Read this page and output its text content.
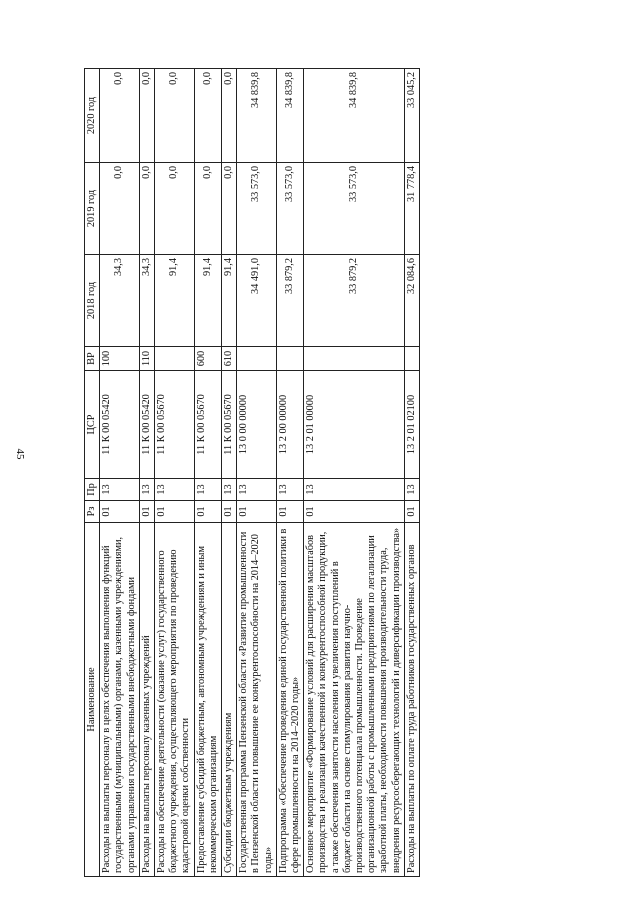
45
Наименование	Рз	Пр	ЦСР	ВР	2018 год	2019 год	2020 год
Расходы на выплаты персоналу в целях обеспечения выполнения функций государственными (муниципальными) органами, казенными учреждениями, органами управления государственными внебюджетными фондами	01	13	11 К 00 05420	100	34,3	0,0	0,0
Расходы на выплаты персоналу казенных учреждений	01	13	11 К 00 05420	110	34,3	0,0	0,0
Расходы на обеспечение деятельности (оказание услуг) государственного бюджетного учреждения, осуществляющего мероприятия по проведению кадастровой оценки собственности	01	13	11 К 00 05670		91,4	0,0	0,0
Предоставление субсидий бюджетным, автономным учреждениям и иным некоммерческим организациям	01	13	11 К 00 05670	600	91,4	0,0	0,0
Субсидии бюджетным учреждениям	01	13	11 К 00 05670	610	91,4	0,0	0,0
Государственная программа Пензенской области «Развитие промышленности в Пензенской области и повышение ее конкурентоспособности на 2014–2020 годы»	01	13	13 0 00 00000		34 491,0	33 573,0	34 839,8
Подпрограмма «Обеспечение проведения единой государственной политики в сфере промышленности на 2014–2020 годы»	01	13	13 2 00 00000		33 879,2	33 573,0	34 839,8
Основное мероприятие «Формирование условий для расширения масштабов производства и реализации качественной и конкурентоспособной продукции, а также обеспечения занятости населения и увеличения поступлений в бюджет области на основе стимулирования развития научно-производственного потенциала промышленности. Проведение организационной работы с промышленными предприятиями по легализации заработной платы, необходимости повышения производительности труда, внедрения ресурсосберегающих технологий и диверсификации производства»	01	13	13 2 01 00000		33 879,2	33 573,0	34 839,8
Расходы на выплаты по оплате труда работников государственных органов	01	13	13 2 01 02100		32 084,6	31 778,4	33 045,2
